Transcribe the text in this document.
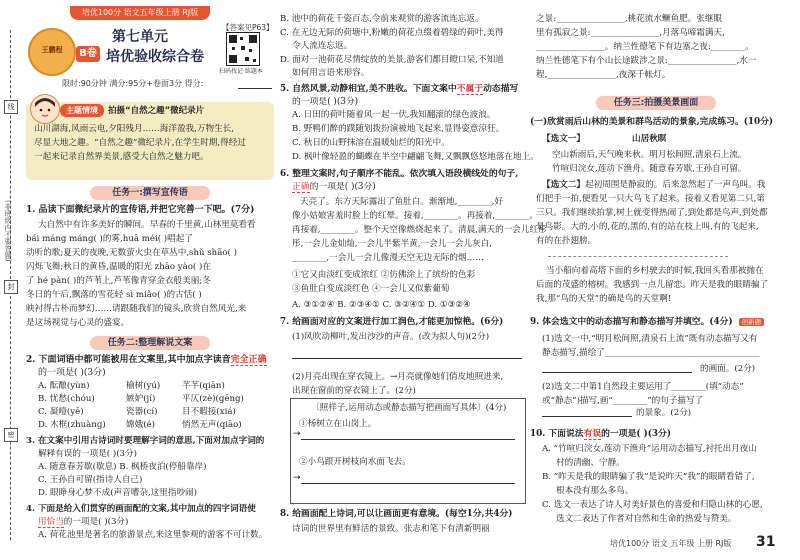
(非班级内不要答题)
密
封
线
培优100分 语文五年级上册 RJ版
【答案见P63】
王鹏程
第七单元
B卷 培优验收综合卷
扫码找记·练题本
限时:90分钟 满分:95分+卷面3分 得分:
主题情境	拍摄“自然之趣”微纪录片
山川湖海,风雨云电,夕阳残月……海洋盈我,万物生长,
尽显大地之趣。“自然之趣”微纪录片,在学生时期,得经过
一起来记录自然界美景,感受大自然之魅力吧。
任务一:撰写宣传语
1. 品读下面微纪录片的宣传语,并把它完善一下吧。(7分)
大自然中有许多美好的瞬间。早春的千里黄,山林里莫看看
bái máng máng( )的雾,huā méi( )唱起了
动听的歌;夏天的夜晚,无数萤火虫在草丛中,shǔ shāo( )
闪烁飞舞;秋日的黄昏,温暖的阳光 zhāo yào( )在
了 hé pàn( )的芦苇上,芦苇像青穿金衣般美丽;冬
冬日的午后,飘落的雪花轻 sì miǎo( )的古恬( )
映衬得古朴而梦幻……请跟随我们的镜头,欣赏自然风光,来
是这场视觉与心灵的盛宴。
任务二:整理解说文案
2. 下面词语中都可能被用在文案里,其中加点字读音完全正确
的一项是( )(3分)
A. 酝酿(yùn)	榆树(yú)	芊芊(qiān)
B. 忧愁(chóu)	嫉妒(jí)	平仄(zè)(gēng)
C. 凝噎(yē)	瓷器(cí)	目不暇接(xiá)
D. 木框(zhuàng) 嫦娥(é)	悄然无声(qiāo)
3. 在文案中引用古诗词时要理解字词的意思,下面对加点字词的
解释有误的一项是( )(3分)
A. 随意春芳歇(歇息) B. 枫桥夜泊(停船靠岸)
C. 王孙自可留(指诗人自己)
D. 眼睁身心梦不成(声音嘈杂,这里指吵闹)
4. 下面是给入们贯穿的画面配的文案,其中加点的四字词语使
用恰当的一项是( )(3分)
A. 荷花池里是著名的旅游景点,来这里参观的游客不可计数。
B. 池中的荷花千姿百态,令前来观赏的游客流连忘返。
C. 在无边无际的荷塘中,粉嫩的荷花点缀着碧绿的荷叶,美得
令人流连忘返。
D. 面对一池荷花尽情绽放的美景,游客们都目瞪口呆,不知道
如何用言语来形容。
5. 自然风景,动静相宜,美不胜收。下面文案中不属于动态描写
的一项是( )(3分)
A. 日田的荷叶随着风一起一伏,我知翻滚的绿色波浪。
B. 野鸭们醉的蹼随划拨扮演被地飞起来,显得姿意涼狂。
C. 秋日的山野抹溶在温暖灿烂的阳光中。
D. 枫叶像轻盈的蝴蝶在半空中翩翩飞舞,又飘飘悠悠地落在地上。
6. 整理文案时,句子顺序不能乱。依次填入语段横线处的句子,
正确的一项是( )(3分)
天亮了。东方天际露出了鱼肚白。渐渐地,________,好
像小姑娘害羞时脸上的红晕。接着,________。再接着,________。
再接着,________。整个天空像燃烧起来了。清晨,满天的一会儿红彤
彤,一会儿金灿灿,一会儿半紫半黄,一会儿一会儿灰白,
________,一会儿一会儿像漫天空无边无际的烟……
①它又由淡红变成浓红 ②仿佛涂上了缤纷的色彩
③鱼肚白变成淡红色 ④一会儿又似紫葡萄
A. ③①②④ B. ②③④① C. ③②④① D. ①③②④
7. 给画面对应的文案进行加工润色,才能更加惊艳。(6分)
(1)风吹动柳叶,发出沙沙的声音。(改为拟人句)(2分)
(2)月亮出现在穿衣镜上。→月亮就像她们俏皮地照进来,
出现在窗前的穿衣镜上了。(2分)
〔照样子,运用动态或静态描写把画面写具体〕(4分)
①杨树立在山岗上。
→
②小鸟跟开树枝向水面飞去。
→
8. 给画面配上诗词,可以让画面更有意境。(每空1分,共4分)
诗词的世界里有鲜活的景致。张志和笔下有清新明丽
之景:________________,桃花流水鳜鱼肥。张继眼
里有孤寂之景:________________,月落乌啼霜满天,
________________。纳兰性德笔下有边塞之夜:________。
纳兰性德笔下有个山长途跋涉之景:________________,水一
程,________________,夜深千帐灯。
任务三:拍摄美景画面
(一)欣赏雨后山林的美景和群鸟活动的景象,完成练习。(10分)
【选文一】	山居秋暝
空山新雨后,天气晚来秋。明月松间照,清泉石上流。
竹喧归浣女,莲动下渔舟。随意春芳歇,王孙自可留。
【选文二】起初周围是静寂的。后来忽然起了一声鸟叫。我
们把手一拍,便看见一只大鸟飞了起来。接着又看见第二只,第
三只。我们继续拍掌,树上就变得热闹了,到处都是鸟声,到处都
是鸟影。大的,小的,花的,黑的,有的站在枝上叫,有的飞起来,
有的在扑翅膀。
当小船向着高塔下面的乡村驶去的时候,我回头看那被抛在
后面的茂盛的榕树。我感到一点儿留恋。昨天是我的眼睛骗了
我,那“鸟的天堂”的确是鸟的天堂啊!
9. 体会选文中的动态描写和静态描写并填空。(4分) 创新题
(1)选文一中,“明月松间照,清泉石上流”既有动态描写又有
静态描写,描绘了____________________________________
的画面。(2分)
(2)选文二中第1自然段主要运用了________(填“动态”
或“静态”)描写,画“________”的句子描写了
的景象。(2分)
10. 下面说法有误的一项是( )(3分)
A. “竹喧归浣女,莲动下渔舟”运用动态描写,衬托出月夜山
村的清幽、宁静。
B. “昨天是我的眼睛骗了我”是说昨天“我”的眼睛看错了,
根本没有那么多鸟。
C. 选文一表达了诗人对美好景色的喜爱和归隐山林的心愿,
选文二表达了作者对自然和生命的热爱与赞美。
培优100分 语文 五年级 上册 RJ版 31
